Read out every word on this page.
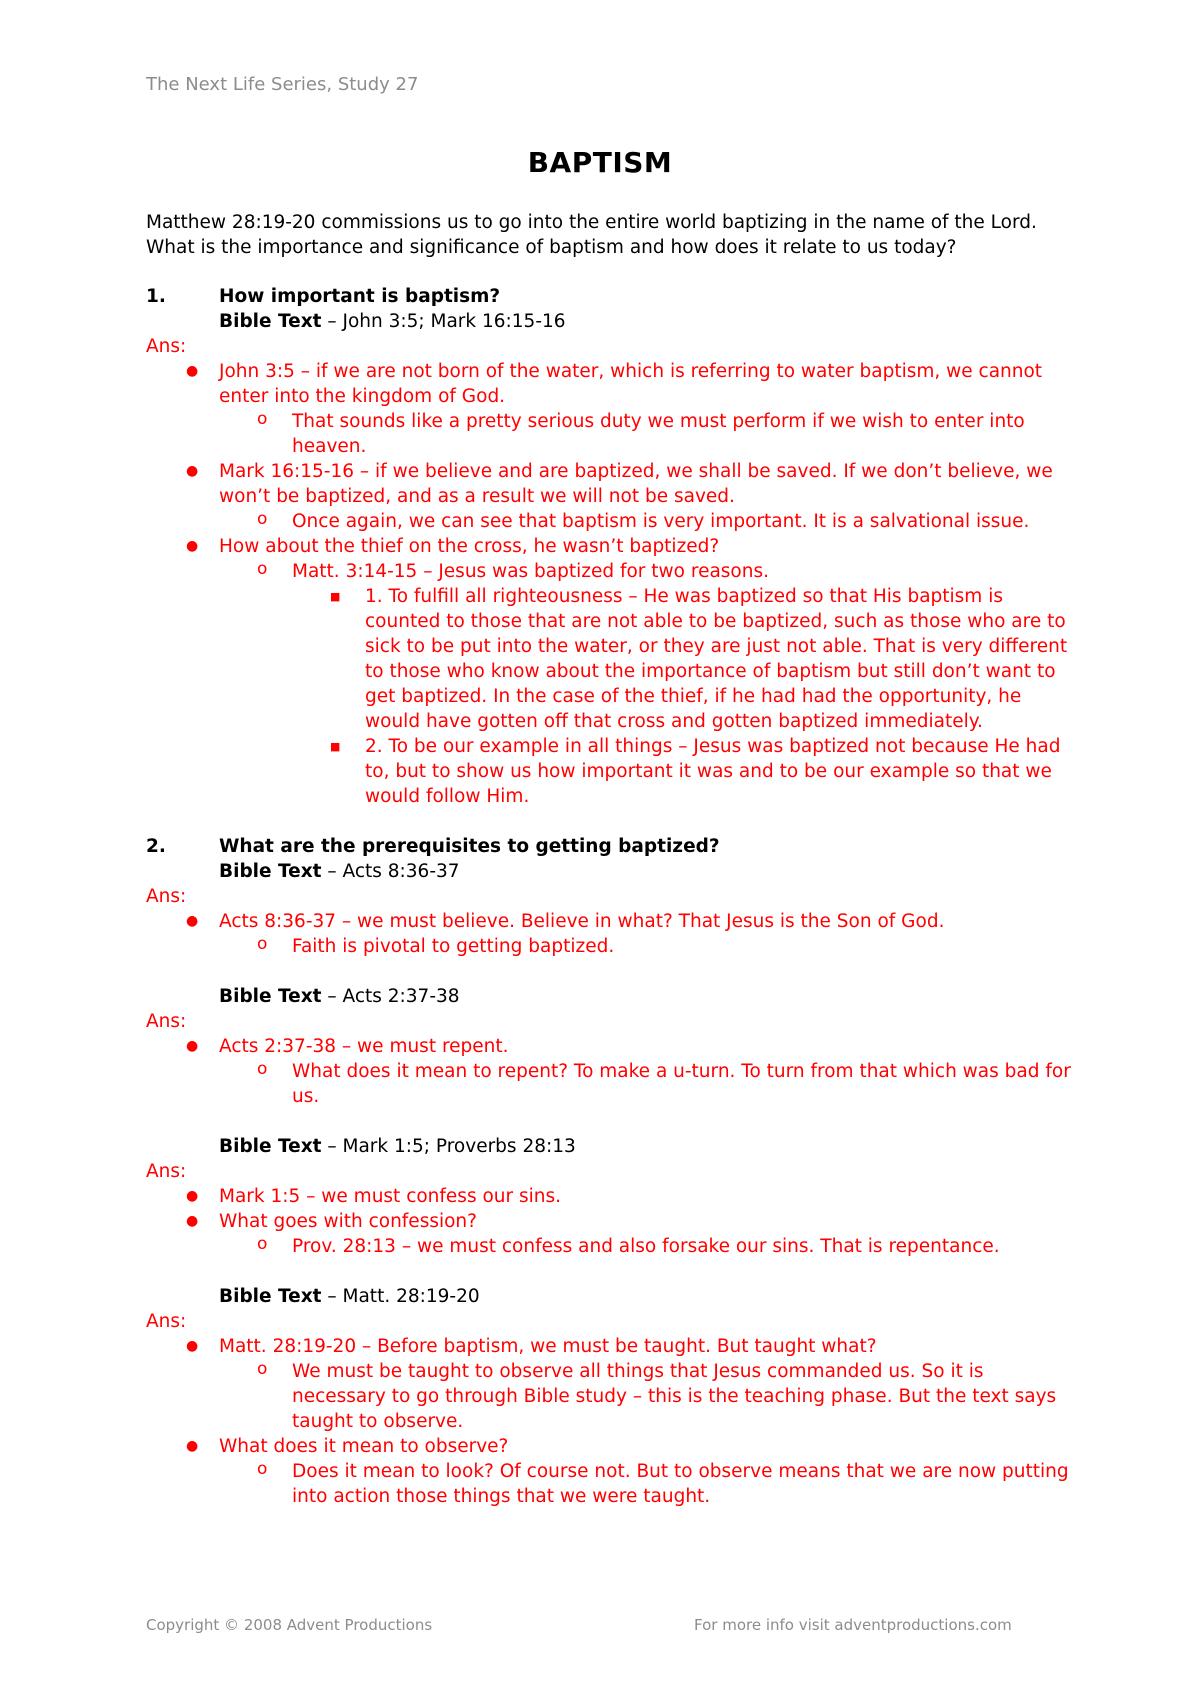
The Next Life Series, Study 27
BAPTISM

Matthew 28:19-20 commissions us to go into the entire world baptizing in the name of the Lord. What is the importance and significance of baptism and how does it relate to us today?

1.	How important is baptism?
Bible Text – John 3:5; Mark 16:15-16
Ans:
● John 3:5 – if we are not born of the water, which is referring to water baptism, we cannot enter into the kingdom of God.
o That sounds like a pretty serious duty we must perform if we wish to enter into heaven.
● Mark 16:15-16 – if we believe and are baptized, we shall be saved. If we don’t believe, we won’t be baptized, and as a result we will not be saved.
o Once again, we can see that baptism is very important. It is a salvational issue.
● How about the thief on the cross, he wasn’t baptized?
o Matt. 3:14-15 – Jesus was baptized for two reasons.
■ 1. To fulfill all righteousness – He was baptized so that His baptism is counted to those that are not able to be baptized, such as those who are to sick to be put into the water, or they are just not able. That is very different to those who know about the importance of baptism but still don’t want to get baptized. In the case of the thief, if he had had the opportunity, he would have gotten off that cross and gotten baptized immediately.
■ 2. To be our example in all things – Jesus was baptized not because He had to, but to show us how important it was and to be our example so that we would follow Him.
2.	What are the prerequisites to getting baptized?
Bible Text – Acts 8:36-37
Ans:
● Acts 8:36-37 – we must believe. Believe in what? That Jesus is the Son of God.
o Faith is pivotal to getting baptized.
Bible Text – Acts 2:37-38
Ans:
● Acts 2:37-38 – we must repent.
o What does it mean to repent? To make a u-turn. To turn from that which was bad for us.
Bible Text – Mark 1:5; Proverbs 28:13
Ans:
● Mark 1:5 – we must confess our sins.
● What goes with confession?
o Prov. 28:13 – we must confess and also forsake our sins. That is repentance.
Bible Text – Matt. 28:19-20
Ans:
● Matt. 28:19-20 – Before baptism, we must be taught. But taught what?
o We must be taught to observe all things that Jesus commanded us. So it is necessary to go through Bible study – this is the teaching phase. But the text says taught to observe.
● What does it mean to observe?
o Does it mean to look? Of course not. But to observe means that we are now putting into action those things that we were taught.
Copyright © 2008 Advent Productions	For more info visit adventproductions.com
